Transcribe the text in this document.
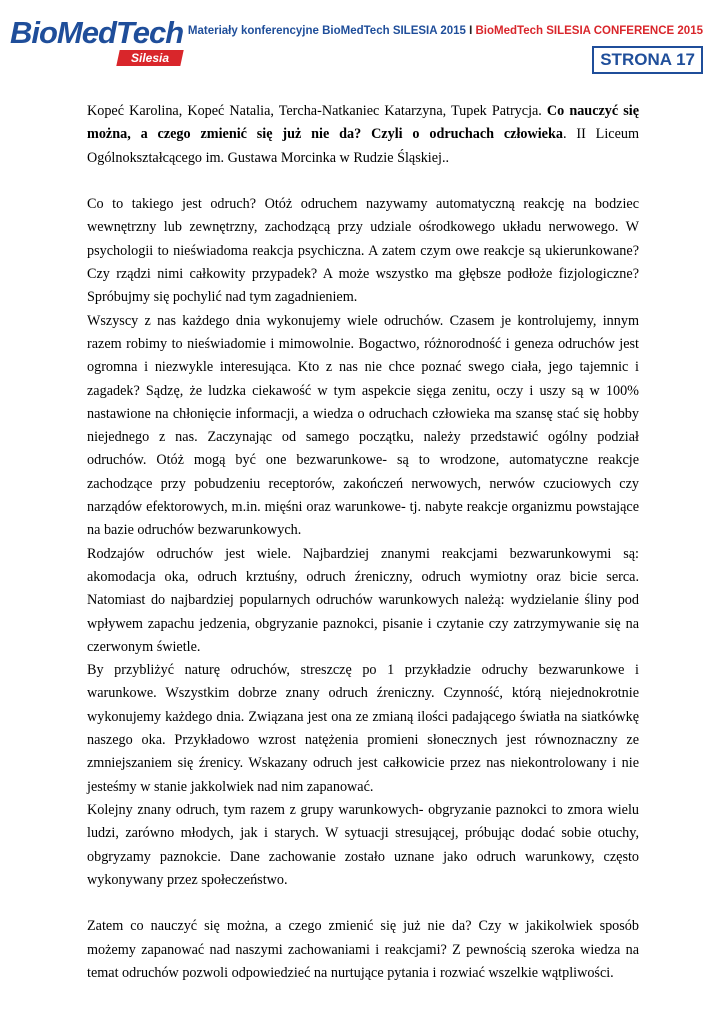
BioMedTech
Silesia
Materiały konferencyjne BioMedTech SILESIA 2015 I BioMedTech SILESIA CONFERENCE 2015
STRONA 17

Kopeć Karolina, Kopeć Natalia, Tercha-Natkaniec Katarzyna, Tupek Patrycja. Co nauczyć się można, a czego zmienić się już nie da? Czyli o odruchach człowieka. II Liceum Ogólnokształcącego im. Gustawa Morcinka w Rudzie Śląskiej..

Co to takiego jest odruch? Otóż odruchem nazywamy automatyczną reakcję na bodziec wewnętrzny lub zewnętrzny, zachodzącą przy udziale ośrodkowego układu nerwowego. W psychologii to nieświadoma reakcja psychiczna. A zatem czym owe reakcje są ukierunkowane? Czy rządzi nimi całkowity przypadek? A może wszystko ma głębsze podłoże fizjologiczne? Spróbujmy się pochylić nad tym zagadnieniem.

Wszyscy z nas każdego dnia wykonujemy wiele odruchów. Czasem je kontrolujemy, innym razem robimy to nieświadomie i mimowolnie. Bogactwo, różnorodność i geneza odruchów jest ogromna i niezwykle interesująca. Kto z nas nie chce poznać swego ciała, jego tajemnic i zagadek? Sądzę, że ludzka ciekawość w tym aspekcie sięga zenitu, oczy i uszy są w 100% nastawione na chłonięcie informacji, a wiedza o odruchach człowieka ma szansę stać się hobby niejednego z nas. Zaczynając od samego początku, należy przedstawić ogólny podział odruchów. Otóż mogą być one bezwarunkowe- są to wrodzone, automatyczne reakcje zachodzące przy pobudzeniu receptorów, zakończeń nerwowych, nerwów czuciowych czy narządów efektorowych, m.in. mięśni oraz warunkowe- tj. nabyte reakcje organizmu powstające na bazie odruchów bezwarunkowych.

Rodzajów odruchów jest wiele. Najbardziej znanymi reakcjami bezwarunkowymi są: akomodacja oka, odruch krztuśny, odruch źreniczny, odruch wymiotny oraz bicie serca. Natomiast do najbardziej popularnych odruchów warunkowych należą: wydzielanie śliny pod wpływem zapachu jedzenia, obgryzanie paznokci, pisanie i czytanie czy zatrzymywanie się na czerwonym świetle.

By przybliżyć naturę odruchów, streszczę po 1 przykładzie odruchy bezwarunkowe i warunkowe. Wszystkim dobrze znany odruch źreniczny. Czynność, którą niejednokrotnie wykonujemy każdego dnia. Związana jest ona ze zmianą ilości padającego światła na siatkówkę naszego oka. Przykładowo wzrost natężenia promieni słonecznych jest równoznaczny ze zmniejszaniem się źrenicy. Wskazany odruch jest całkowicie przez nas niekontrolowany i nie jesteśmy w stanie jakkolwiek nad nim zapanować.

Kolejny znany odruch, tym razem z grupy warunkowych- obgryzanie paznokci to zmora wielu ludzi, zarówno młodych, jak i starych. W sytuacji stresującej, próbując dodać sobie otuchy, obgryzamy paznokcie. Dane zachowanie zostało uznane jako odruch warunkowy, często wykonywany przez społeczeństwo.

Zatem co nauczyć się można, a czego zmienić się już nie da? Czy w jakikolwiek sposób możemy zapanować nad naszymi zachowaniami i reakcjami? Z pewnością szeroka wiedza na temat odruchów pozwoli odpowiedzieć na nurtujące pytania i rozwiać wszelkie wątpliwości.
